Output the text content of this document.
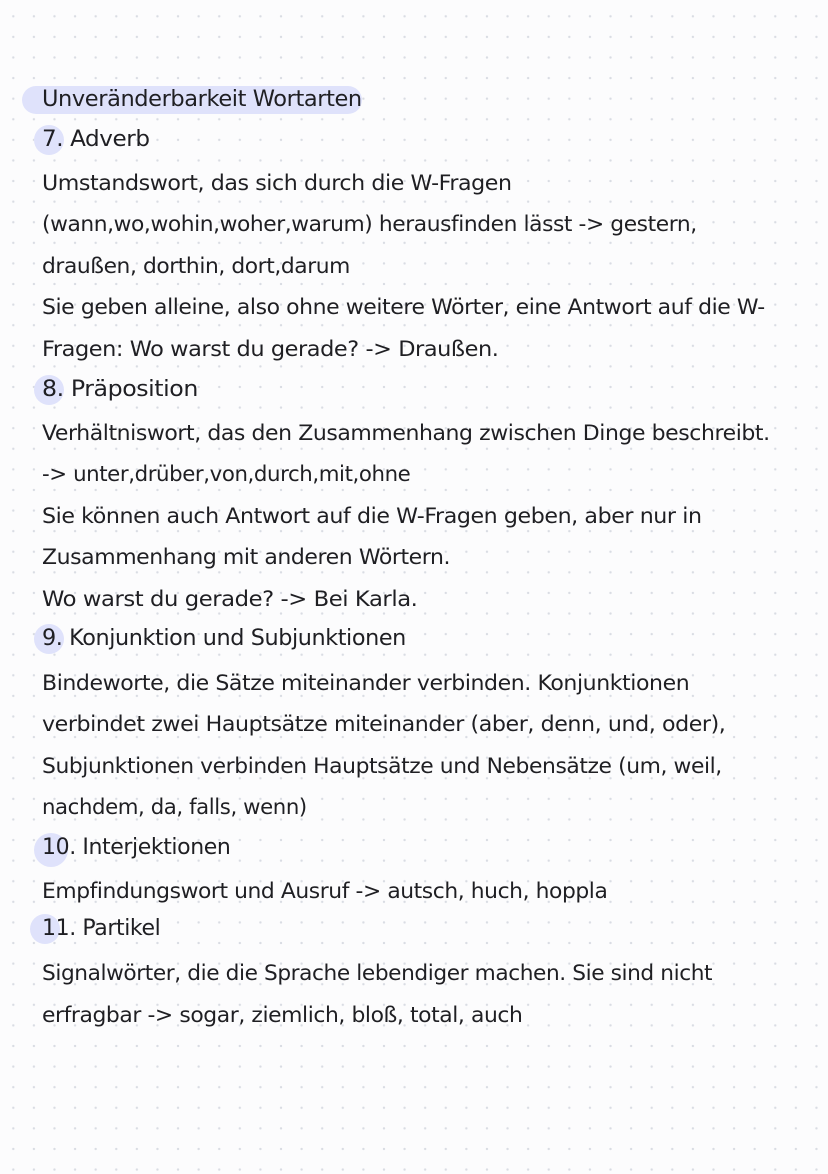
Unveränderbarkeit Wortarten
7. Adverb
Umstandswort, das sich durch die W-Fragen
(wann,wo,wohin,woher,warum) herausfinden lässt -> gestern,
draußen, dorthin, dort,darum
Sie geben alleine, also ohne weitere Wörter, eine Antwort auf die W-
Fragen: Wo warst du gerade? -> Draußen.
8. Präposition
Verhältniswort, das den Zusammenhang zwischen Dinge beschreibt.
-> unter,drüber,von,durch,mit,ohne
Sie können auch Antwort auf die W-Fragen geben, aber nur in
Zusammenhang mit anderen Wörtern.
Wo warst du gerade? -> Bei Karla.
9. Konjunktion und Subjunktionen
Bindeworte, die Sätze miteinander verbinden. Konjunktionen
verbindet zwei Hauptsätze miteinander (aber, denn, und, oder),
Subjunktionen verbinden Hauptsätze und Nebensätze (um, weil,
nachdem, da, falls, wenn)
10. Interjektionen
Empfindungswort und Ausruf -> autsch, huch, hoppla
11. Partikel
Signalwörter, die die Sprache lebendiger machen. Sie sind nicht
erfragbar -> sogar, ziemlich, bloß, total, auch
